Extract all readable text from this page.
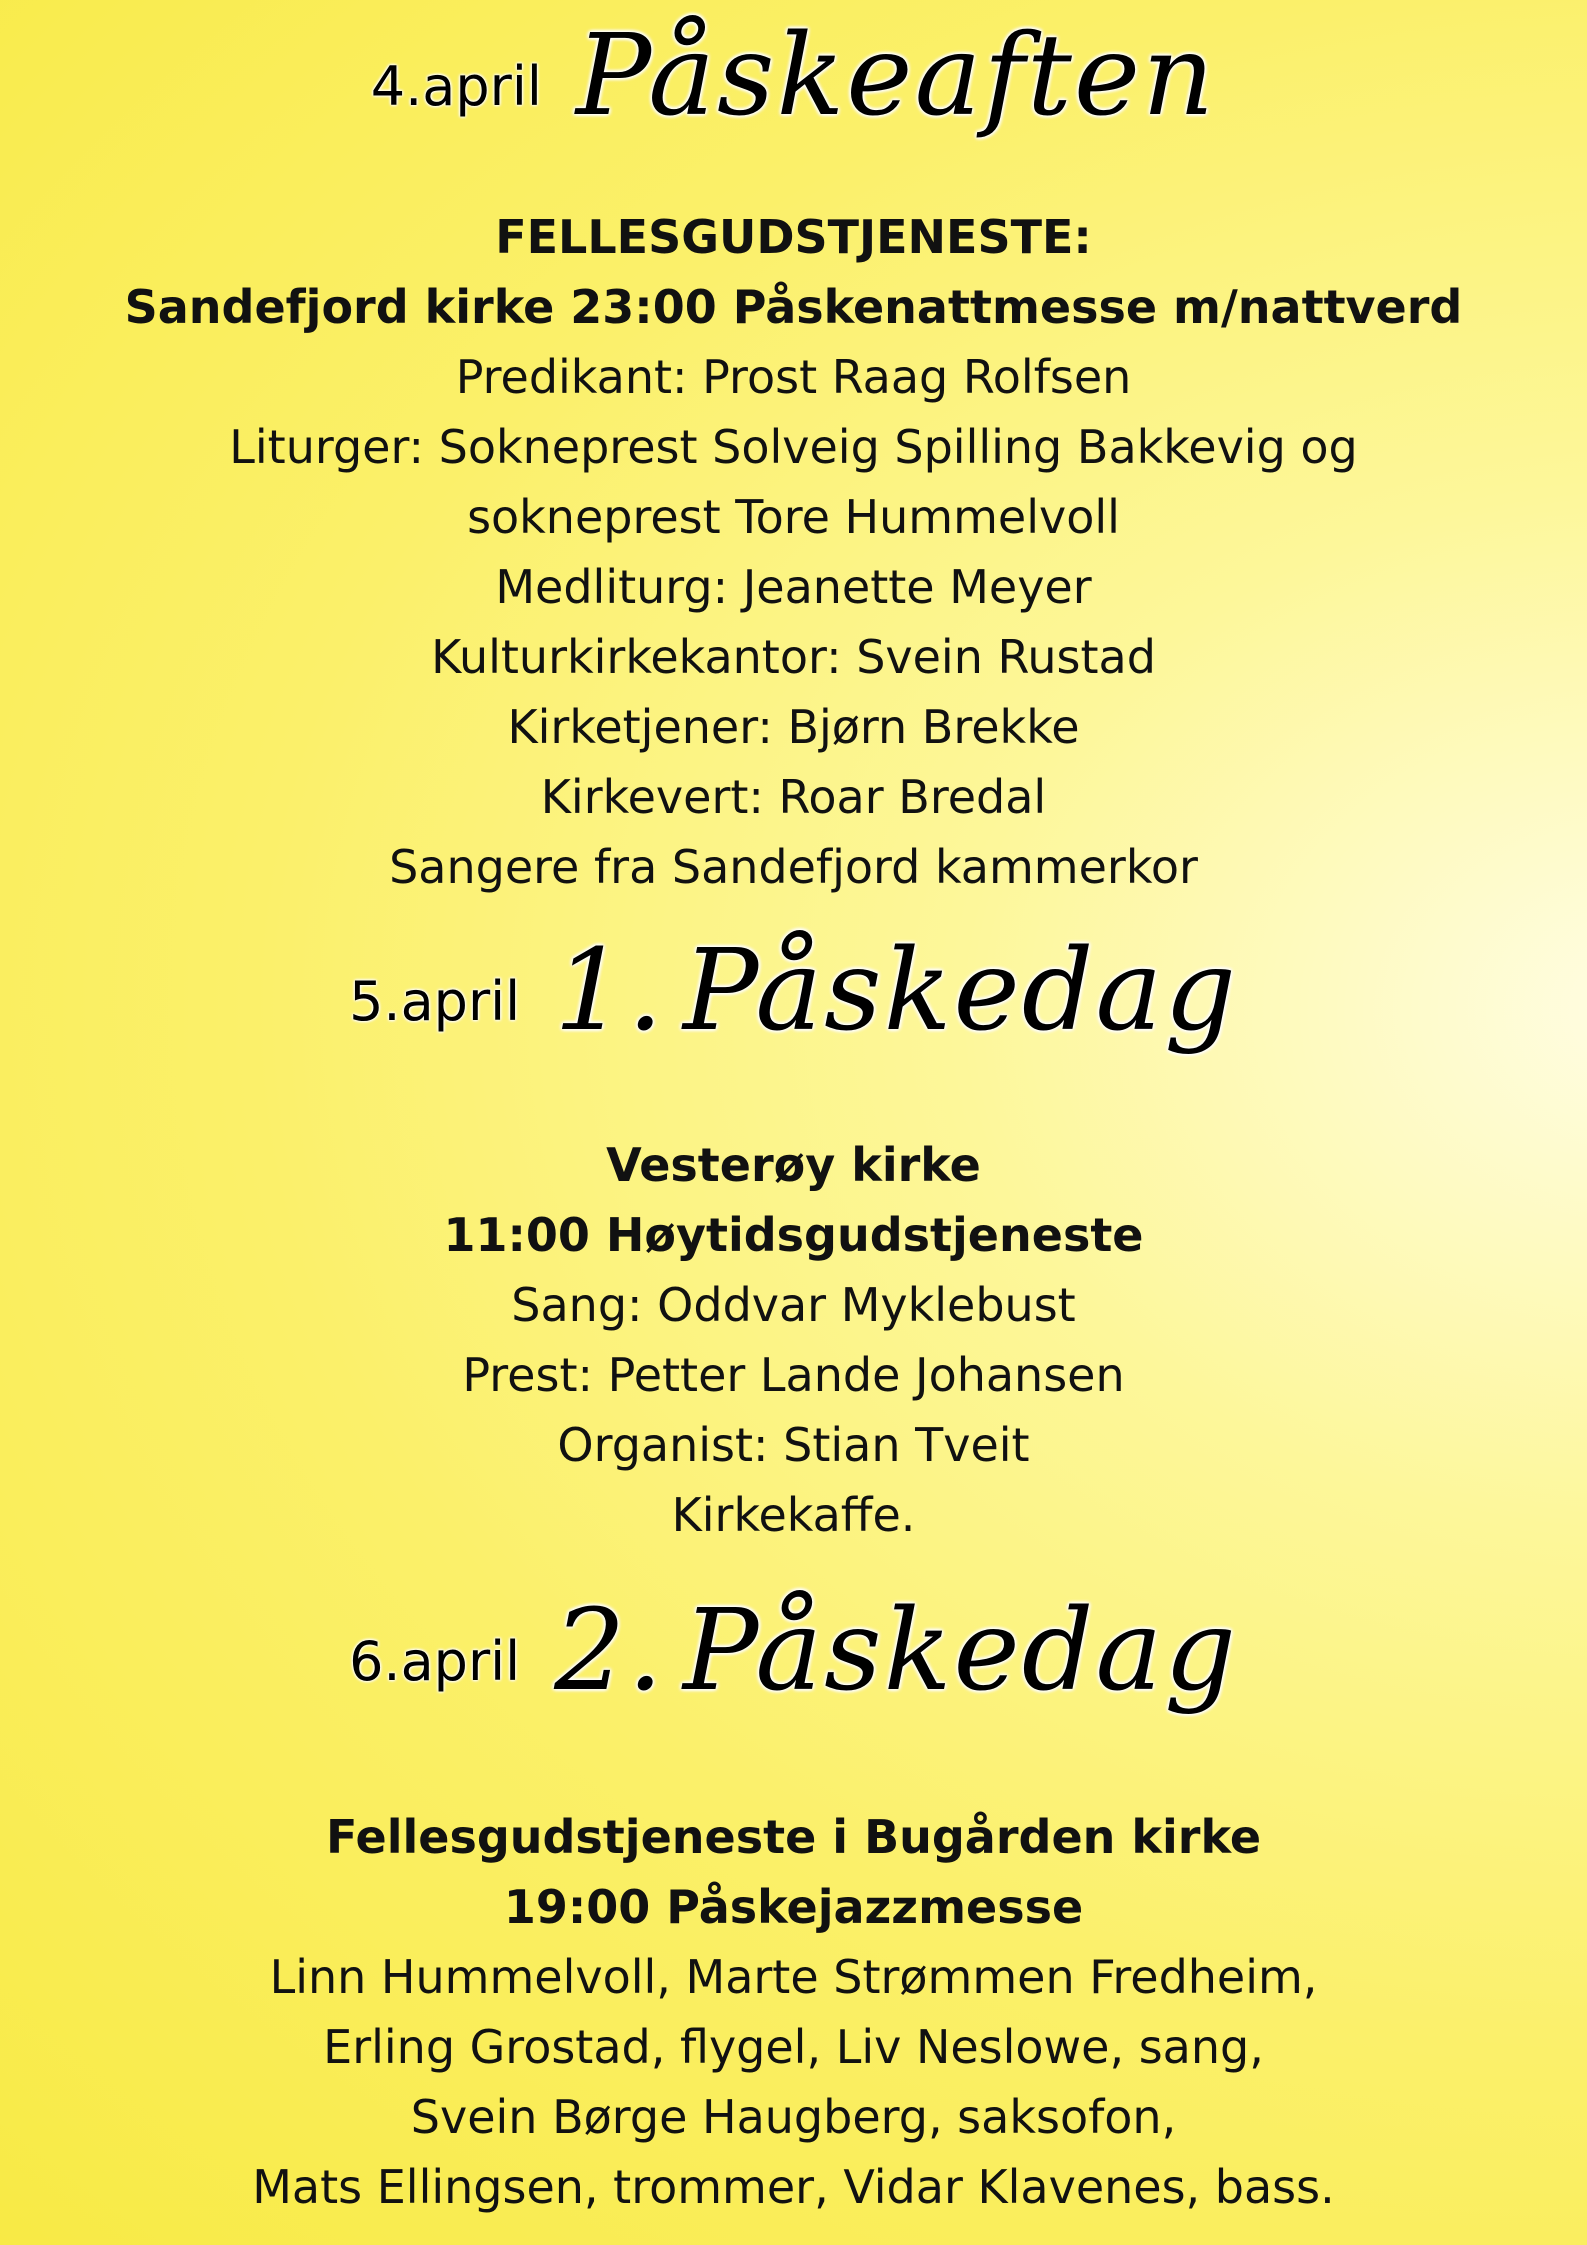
4.april Påskeaften
FELLESGUDSTJENESTE:
Sandefjord kirke 23:00 Påskenattmesse m/nattverd
Predikant: Prost Raag Rolfsen
Liturger: Sokneprest Solveig Spilling Bakkevig og
sokneprest Tore Hummelvoll
Medliturg: Jeanette Meyer
Kulturkirkekantor: Svein Rustad
Kirketjener: Bjørn Brekke
Kirkevert: Roar Bredal
Sangere fra Sandefjord kammerkor
5.april 1. Påskedag
Vesterøy kirke
11:00 Høytidsgudstjeneste
Sang: Oddvar Myklebust
Prest: Petter Lande Johansen
Organist: Stian Tveit
Kirkekaffe.
6.april 2. Påskedag
Fellesgudstjeneste i Bugården kirke
19:00 Påskejazzmesse
Linn Hummelvoll, Marte Strømmen Fredheim,
Erling Grostad, flygel, Liv Neslowe, sang,
Svein Børge Haugberg, saksofon,
Mats Ellingsen, trommer, Vidar Klavenes, bass.
